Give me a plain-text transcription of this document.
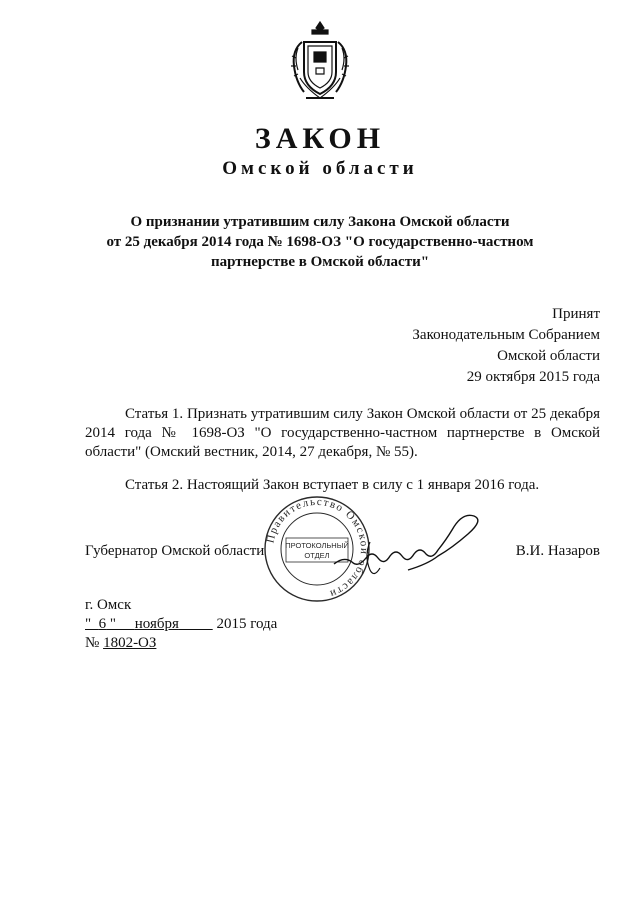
ЗАКОН
Омской области
О признании утратившим силу Закона Омской области
от 25 декабря 2014 года № 1698-ОЗ "О государственно-частном
партнерстве в Омской области"
Принят
Законодательным Собранием
Омской области
29 октября 2015 года
Статья 1. Признать утратившим силу Закон Омской области от 25 декабря 2014 года № 1698-ОЗ "О государственно-частном партнерстве в Омской области" (Омский вестник, 2014, 27 декабря, № 55).
Статья 2. Настоящий Закон вступает в силу с 1 января 2016 года.
Губернатор Омской области	В.И. Назаров
Правительство Омской области
ПРОТОКОЛЬНЫЙ
ОТДЕЛ
г. Омск
"  6 "     ноября	2015 года
№ 1802-ОЗ
